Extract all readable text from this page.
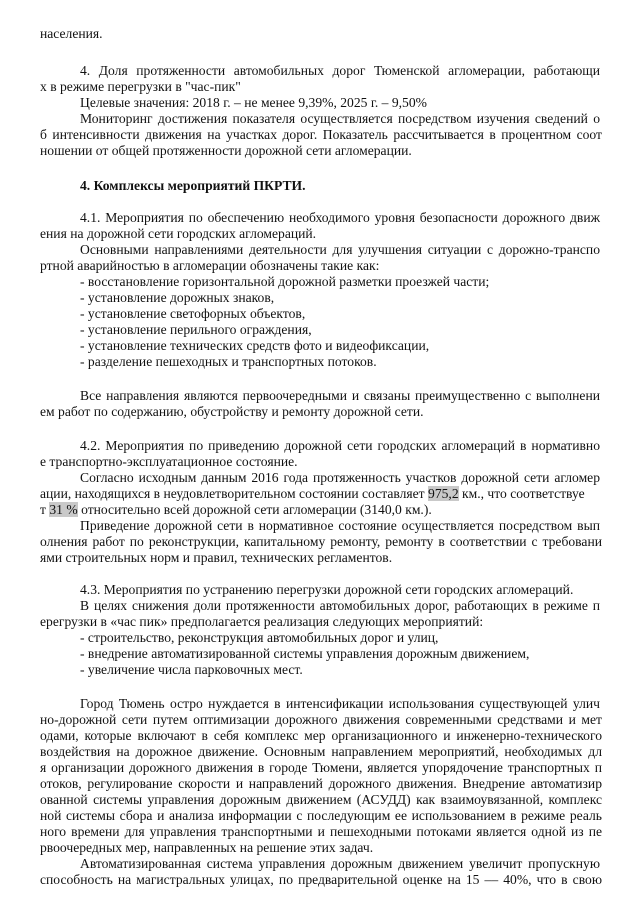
населения.
4. Доля протяженности автомобильных дорог Тюменской агломерации, работающи
х в режиме перегрузки в "час-пик"
Целевые значения: 2018 г. – не менее 9,39%, 2025 г. – 9,50%
Мониторинг достижения показателя осуществляется посредством изучения сведений о
б интенсивности движения на участках дорог. Показатель рассчитывается в процентном соот
ношении от общей протяженности дорожной сети агломерации.
4. Комплексы мероприятий ПКРТИ.
4.1. Мероприятия по обеспечению необходимого уровня безопасности дорожного движ
ения на дорожной сети городских агломераций.
Основными направлениями деятельности для улучшения ситуации с дорожно-транспо
ртной аварийностью в агломерации обозначены такие как:
- восстановление горизонтальной дорожной разметки проезжей части;
- установление дорожных знаков,
- установление светофорных объектов,
- установление перильного ограждения,
- установление технических средств фото и видеофиксации,
- разделение пешеходных и транспортных потоков.
Все направления являются первоочередными и связаны преимущественно с выполнени
ем работ по содержанию, обустройству и ремонту дорожной сети.
4.2. Мероприятия по приведению дорожной сети городских агломераций в нормативно
е транспортно-эксплуатационное состояние.
Согласно исходным данным 2016 года протяженность участков дорожной сети агломер
ации, находящихся в неудовлетворительном состоянии составляет 975,2 км., что соответствуе
т 31 % относительно всей дорожной сети агломерации (3140,0 км.).
Приведение дорожной сети в нормативное состояние осуществляется посредством вып
олнения работ по реконструкции, капитальному ремонту, ремонту в соответствии с требовани
ями строительных норм и правил, технических регламентов.
4.3. Мероприятия по устранению перегрузки дорожной сети городских агломераций.
В целях снижения доли протяженности автомобильных дорог, работающих в режиме п
ерегрузки в «час пик» предполагается реализация следующих мероприятий:
- строительство, реконструкция автомобильных дорог и улиц,
- внедрение автоматизированной системы управления дорожным движением,
- увеличение числа парковочных мест.
Город Тюмень остро нуждается в интенсификации использования существующей улич
но-дорожной сети путем оптимизации дорожного движения современными средствами и мет
одами, которые включают в себя комплекс мер организационного и инженерно-технического
воздействия на дорожное движение. Основным направлением мероприятий, необходимых дл
я организации дорожного движения в городе Тюмени, является упорядочение транспортных п
отоков, регулирование скорости и направлений дорожного движения. Внедрение автоматизир
ованной системы управления дорожным движением (АСУДД) как взаимоувязанной, комплекс
ной системы сбора и анализа информации с последующим ее использованием в режиме реаль
ного времени для управления транспортными и пешеходными потоками является одной из пе
рвоочередных мер, направленных на решение этих задач.
Автоматизированная система управления дорожным движением увеличит пропускную
способность на магистральных улицах, по предварительной оценке на 15 –– 40%, что в свою
